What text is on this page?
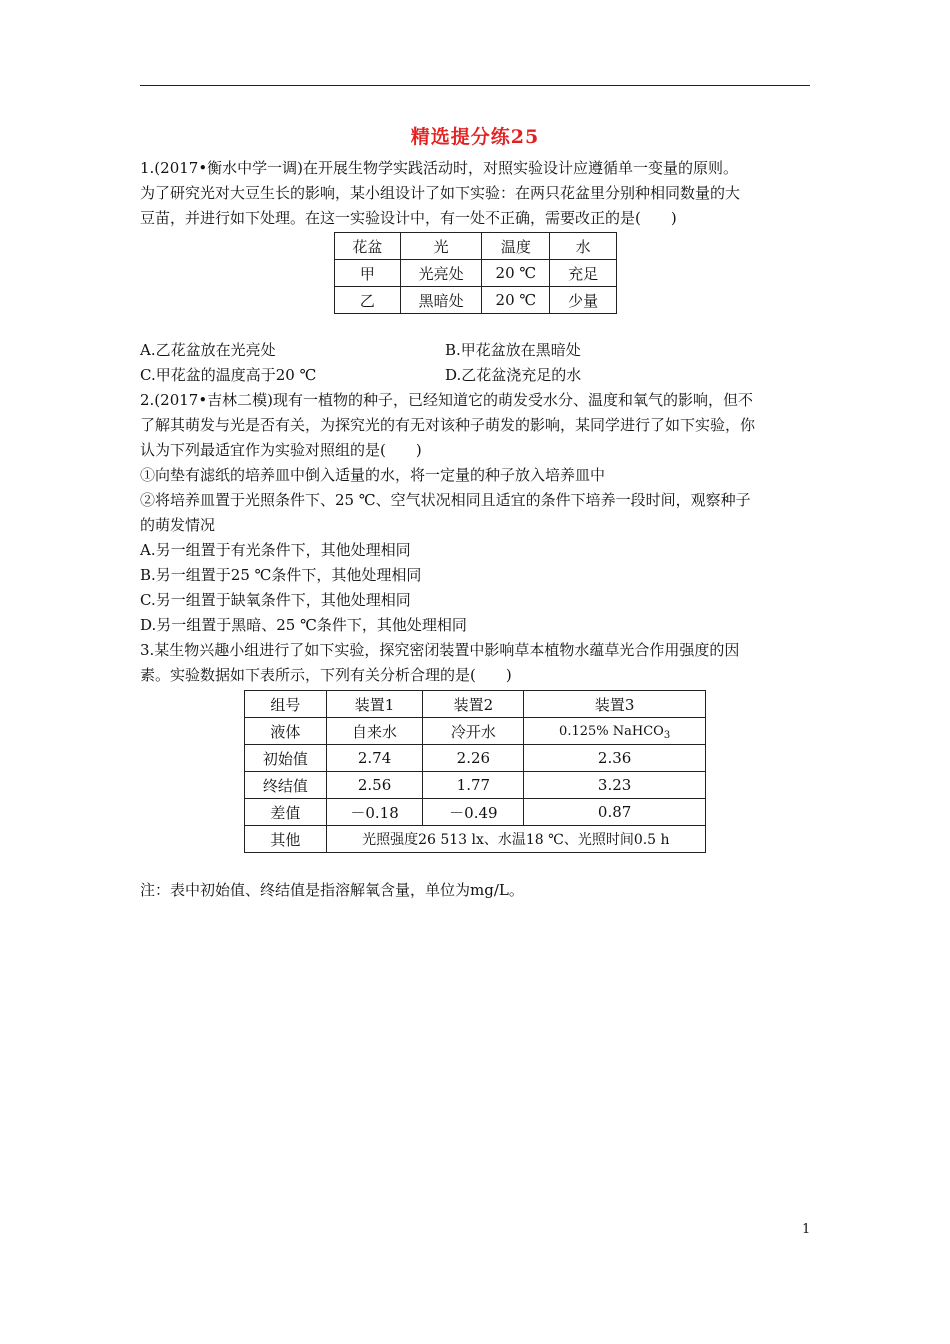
精选提分练25
1.(2017•衡水中学一调)在开展生物学实践活动时，对照实验设计应遵循单一变量的原则。
为了研究光对大豆生长的影响，某小组设计了如下实验：在两只花盆里分别种相同数量的大
豆苗，并进行如下处理。在这一实验设计中，有一处不正确，需要改正的是(　　)
花盆	光	温度	水
甲	光亮处	20 ℃	充足
乙	黑暗处	20 ℃	少量
A.乙花盆放在光亮处	B.甲花盆放在黑暗处
C.甲花盆的温度高于20 ℃	D.乙花盆浇充足的水
2.(2017•吉林二模)现有一植物的种子，已经知道它的萌发受水分、温度和氧气的影响，但不
了解其萌发与光是否有关，为探究光的有无对该种子萌发的影响，某同学进行了如下实验，你
认为下列最适宜作为实验对照组的是(　　)
①向垫有滤纸的培养皿中倒入适量的水，将一定量的种子放入培养皿中
②将培养皿置于光照条件下、25 ℃、空气状况相同且适宜的条件下培养一段时间，观察种子
的萌发情况
A.另一组置于有光条件下，其他处理相同
B.另一组置于25 ℃条件下，其他处理相同
C.另一组置于缺氧条件下，其他处理相同
D.另一组置于黑暗、25 ℃条件下，其他处理相同
3.某生物兴趣小组进行了如下实验，探究密闭装置中影响草本植物水蕴草光合作用强度的因
素。实验数据如下表所示，下列有关分析合理的是(　　)
组号	装置1	装置2	装置3
液体	自来水	冷开水	0.125% NaHCO$_3$
初始值	2.74	2.26	2.36
终结值	2.56	1.77	3.23
差值	－0.18	－0.49	0.87
其他	光照强度26 513 lx、水温18 ℃、光照时间0.5 h		
注：表中初始值、终结值是指溶解氧含量，单位为mg/L。
1
